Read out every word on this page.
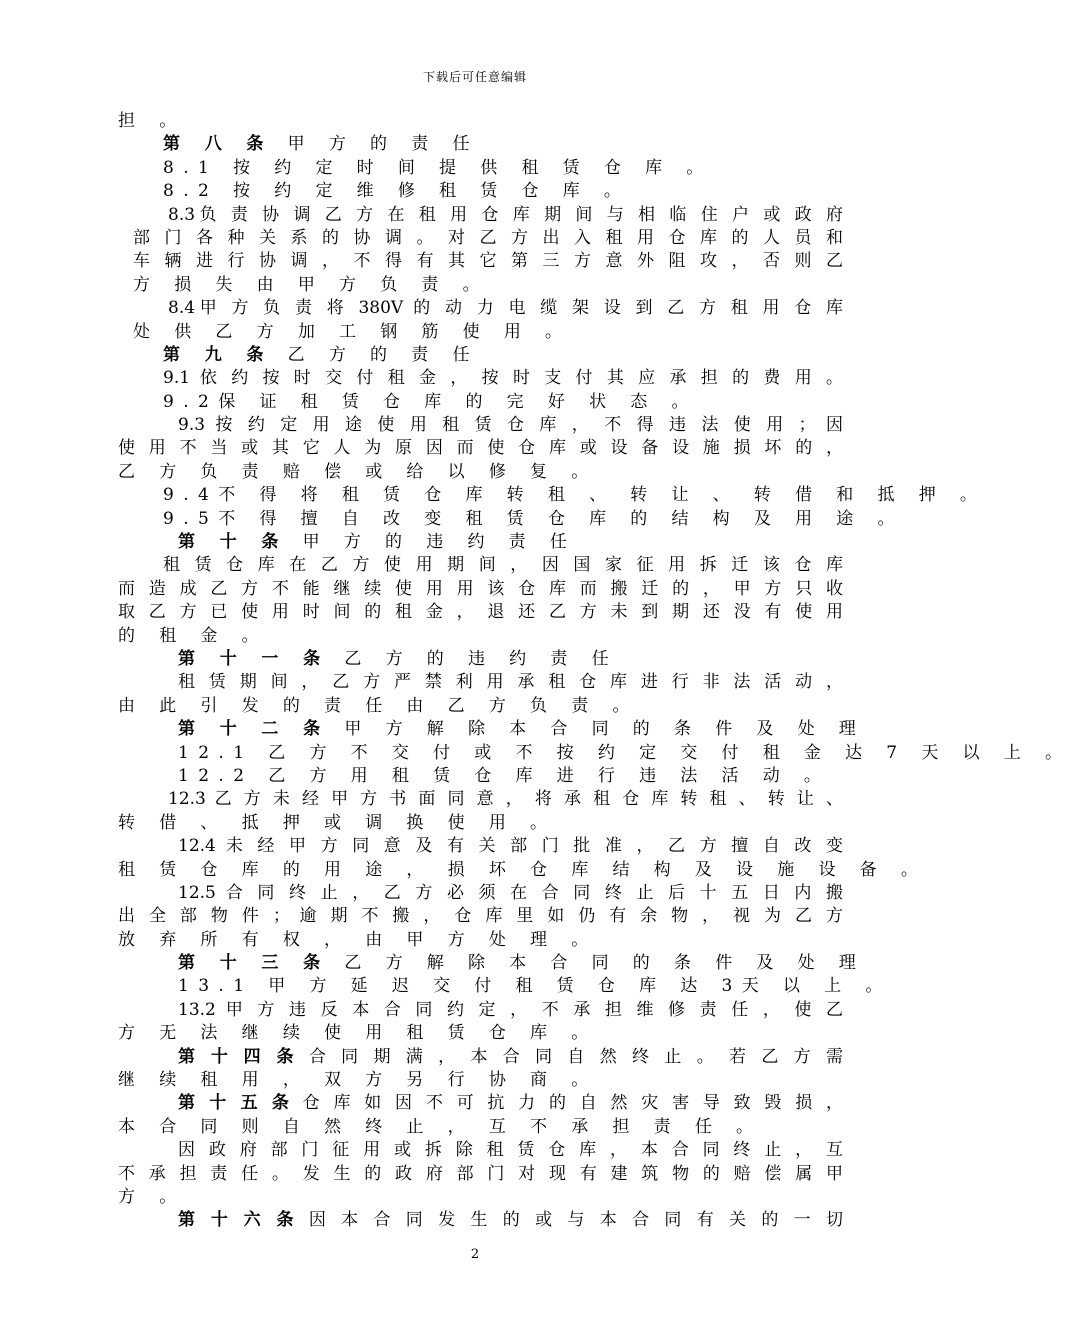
下载后可任意编辑
担 。
第 八 条 甲 方 的 责 任
8.1 按 约 定 时 间 提 供 租 赁 仓 库 。
8.2 按 约 定 维 修 租 赁 仓 库 。
8.3负 责 协 调 乙 方 在 租 用 仓 库 期 间 与 相 临 住 户 或 政 府
部 门 各 种 关 系 的 协 调 。 对 乙 方 出 入 租 用 仓 库 的 人 员 和
车 辆 进 行 协 调 ， 不 得 有 其 它 第 三 方 意 外 阻 攻 ， 否 则 乙
方 损 失 由 甲 方 负 责 。
8.4甲 方 负 责 将 380V 的 动 力 电 缆 架 设 到 乙 方 租 用 仓 库
处 供 乙 方 加 工 钢 筋 使 用 。
第 九 条 乙 方 的 责 任
9.1 依 约 按 时 交 付 租 金 ， 按 时 支 付 其 应 承 担 的 费 用 。
9.2保 证 租 赁 仓 库 的 完 好 状 态 。
9.3 按 约 定 用 途 使 用 租 赁 仓 库 ， 不 得 违 法 使 用 ； 因
使 用 不 当 或 其 它 人 为 原 因 而 使 仓 库 或 设 备 设 施 损 坏 的 ，
乙 方 负 责 赔 偿 或 给 以 修 复 。
9.4不 得 将 租 赁 仓 库 转 租 、 转 让 、 转 借 和 抵 押 。
9.5不 得 擅 自 改 变 租 赁 仓 库 的 结 构 及 用 途 。
第 十 条 甲 方 的 违 约 责 任
租 赁 仓 库 在 乙 方 使 用 期 间 ， 因 国 家 征 用 拆 迁 该 仓 库
而 造 成 乙 方 不 能 继 续 使 用 用 该 仓 库 而 搬 迁 的 ， 甲 方 只 收
取 乙 方 已 使 用 时 间 的 租 金 ， 退 还 乙 方 未 到 期 还 没 有 使 用
的 租 金 。
第 十 一 条 乙 方 的 违 约 责 任
租 赁 期 间 ， 乙 方 严 禁 利 用 承 租 仓 库 进 行 非 法 活 动 ，
由 此 引 发 的 责 任 由 乙 方 负 责 。
第 十 二 条 甲 方 解 除 本 合 同 的 条 件 及 处 理
12.1 乙 方 不 交 付 或 不 按 约 定 交 付 租 金 达 7 天 以 上 。
12.2 乙 方 用 租 赁 仓 库 进 行 违 法 活 动 。
12.3 乙 方 未 经 甲 方 书 面 同 意 ， 将 承 租 仓 库 转 租 、 转 让 、
转 借 、 抵 押 或 调 换 使 用 。
12.4 未 经 甲 方 同 意 及 有 关 部 门 批 准 ， 乙 方 擅 自 改 变
租 赁 仓 库 的 用 途 ， 损 坏 仓 库 结 构 及 设 施 设 备 。
12.5 合 同 终 止 ， 乙 方 必 须 在 合 同 终 止 后 十 五 日 内 搬
出 全 部 物 件 ； 逾 期 不 搬 ， 仓 库 里 如 仍 有 余 物 ， 视 为 乙 方
放 弃 所 有 权 ， 由 甲 方 处 理 。
第 十 三 条 乙 方 解 除 本 合 同 的 条 件 及 处 理
13.1 甲 方 延 迟 交 付 租 赁 仓 库 达 3天 以 上 。
13.2 甲 方 违 反 本 合 同 约 定 ， 不 承 担 维 修 责 任 ， 使 乙
方 无 法 继 续 使 用 租 赁 仓 库 。
第 十 四 条 合 同 期 满 ， 本 合 同 自 然 终 止 。 若 乙 方 需
继 续 租 用 ， 双 方 另 行 协 商 。
第 十 五 条 仓 库 如 因 不 可 抗 力 的 自 然 灾 害 导 致 毁 损 ，
本 合 同 则 自 然 终 止 ， 互 不 承 担 责 任 。
因 政 府 部 门 征 用 或 拆 除 租 赁 仓 库 ， 本 合 同 终 止 ， 互
不 承 担 责 任 。 发 生 的 政 府 部 门 对 现 有 建 筑 物 的 赔 偿 属 甲
方 。
第 十 六 条 因 本 合 同 发 生 的 或 与 本 合 同 有 关 的 一 切
2
